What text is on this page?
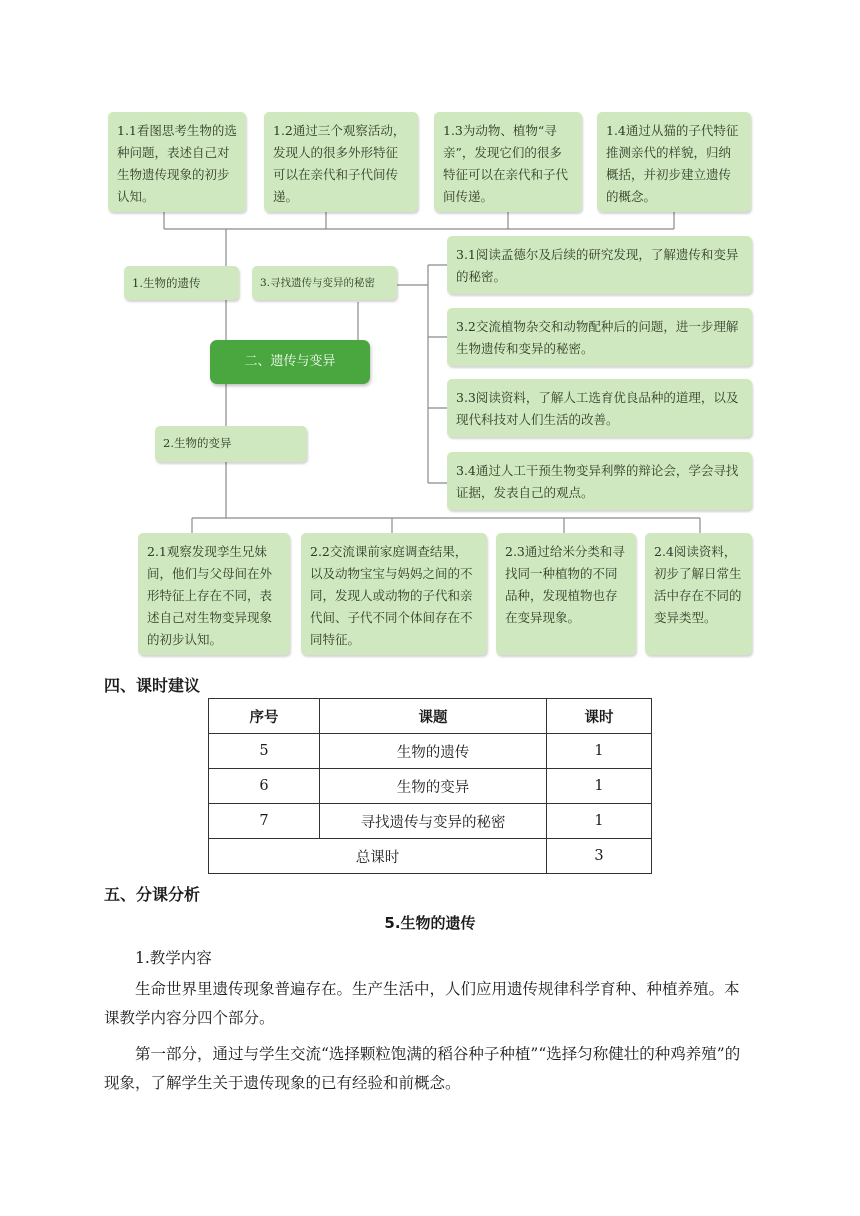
1.1看图思考生物的选种问题，表述自己对生物遗传现象的初步认知。
1.2通过三个观察活动，发现人的很多外形特征可以在亲代和子代间传递。
1.3为动物、植物“寻亲”，发现它们的很多特征可以在亲代和子代间传递。
1.4通过从猫的子代特征推测亲代的样貌，归纳概括，并初步建立遗传的概念。
1.生物的遗传	3.寻找遗传与变异的秘密
二、遗传与变异
2.生物的变异
3.1阅读孟德尔及后续的研究发现，了解遗传和变异的秘密。
3.2交流植物杂交和动物配种后的问题，进一步理解生物遗传和变异的秘密。
3.3阅读资料，了解人工选育优良品种的道理，以及现代科技对人们生活的改善。
3.4通过人工干预生物变异利弊的辩论会，学会寻找证据，发表自己的观点。
2.1观察发现孪生兄妹间，他们与父母间在外形特征上存在不同，表述自己对生物变异现象的初步认知。
2.2交流课前家庭调查结果，以及动物宝宝与妈妈之间的不同，发现人或动物的子代和亲代间、子代不同个体间存在不同特征。
2.3通过给米分类和寻找同一种植物的不同品种，发现植物也存在变异现象。
2.4阅读资料，初步了解日常生活中存在不同的变异类型。
四、课时建议
序号	课题	课时
5	生物的遗传	1
6	生物的变异	1
7	寻找遗传与变异的秘密	1
总课时		3
五、分课分析
5.生物的遗传

1.教学内容

生命世界里遗传现象普遍存在。生产生活中，人们应用遗传规律科学育种、种植养殖。本课教学内容分四个部分。

第一部分，通过与学生交流“选择颗粒饱满的稻谷种子种植”“选择匀称健壮的种鸡养殖”的现象，了解学生关于遗传现象的已有经验和前概念。
